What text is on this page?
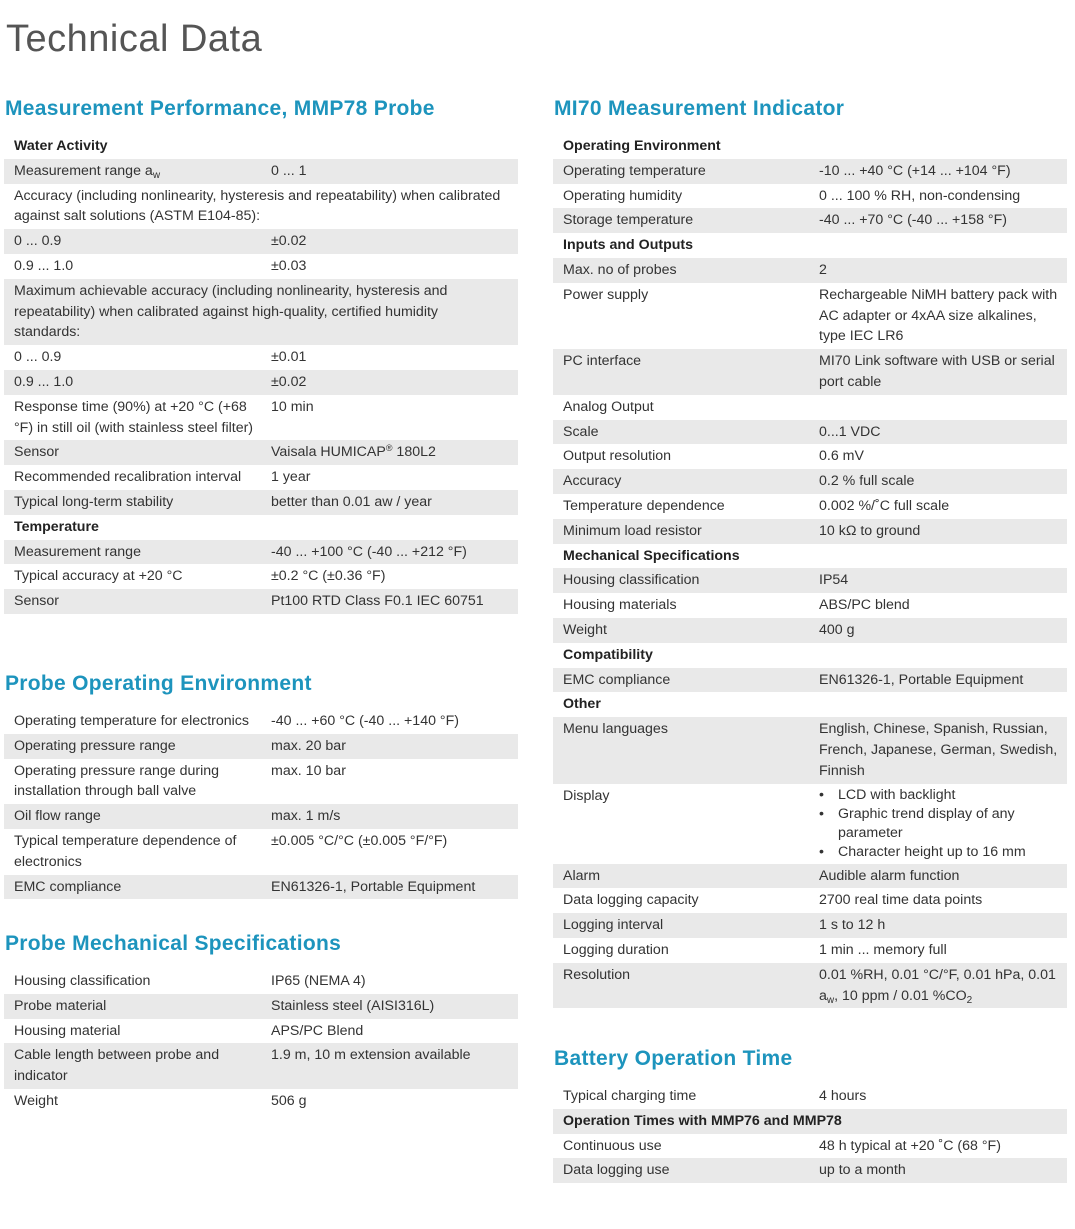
Technical Data
Measurement Performance, MMP78 Probe
Water Activity
Measurement range $a_w$	0 ... 1
Accuracy (including nonlinearity, hysteresis and repeatability) when calibrated against salt solutions (ASTM E104-85):
0 ... 0.9	±0.02
0.9 ... 1.0	±0.03
Maximum achievable accuracy (including nonlinearity, hysteresis and repeatability) when calibrated against high-quality, certified humidity standards:
0 ... 0.9	±0.01
0.9 ... 1.0	±0.02
Response time (90%) at +20 °C (+68 °F) in still oil (with stainless steel filter)
10 min
Sensor	Vaisala HUMICAP® 180L2
Recommended recalibration interval	1 year
Typical long-term stability	better than 0.01 aw / year
Temperature
Measurement range	-40 ... +100 °C (-40 ... +212 °F)
Typical accuracy at +20 °C	±0.2 °C (±0.36 °F)
Sensor	Pt100 RTD Class F0.1 IEC 60751
Probe Operating Environment
Operating temperature for electronics	-40 ... +60 °C (-40 ... +140 °F)
Operating pressure range	max. 20 bar
Operating pressure range during installation through ball valve
max. 10 bar
Oil flow range	max. 1 m/s
Typical temperature dependence of electronics
±0.005 °C/°C (±0.005 °F/°F)
EMC compliance	EN61326-1, Portable Equipment
Probe Mechanical Specifications
Housing classification	IP65 (NEMA 4)
Probe material	Stainless steel (AISI316L)
Housing material	APS/PC Blend
Cable length between probe and indicator
1.9 m, 10 m extension available
Weight	506 g
MI70 Measurement Indicator
Operating Environment
Operating temperature	-10 ... +40 °C (+14 ... +104 °F)
Operating humidity	0 ... 100 % RH, non-condensing
Storage temperature	-40 ... +70 °C (-40 ... +158 °F)
Inputs and Outputs
Max. no of probes	2
Power supply	Rechargeable NiMH battery pack with AC adapter or 4xAA size alkalines, type IEC LR6
PC interface	MI70 Link software with USB or serial port cable
Analog Output
Scale	0...1 VDC
Output resolution	0.6 mV
Accuracy	0.2 % full scale
Temperature dependence	0.002 %/˚C full scale
Minimum load resistor	10 kΩ to ground
Mechanical Specifications
Housing classification	IP54
Housing materials	ABS/PC blend
Weight	400 g
Compatibility
EMC compliance	EN61326-1, Portable Equipment
Other
Menu languages	English, Chinese, Spanish, Russian, French, Japanese, German, Swedish, Finnish
Display
•	LCD with backlight
• Graphic trend display of any parameter
• Character height up to 16 mm
Alarm	Audible alarm function
Data logging capacity	2700 real time data points
Logging interval	1 s to 12 h
Logging duration	1 min ... memory full
Resolution	0.01 %RH, 0.01 °C/°F, 0.01 hPa, 0.01 $a_w$, 10 ppm / 0.01 $\%CO_2$
Battery Operation Time
Typical charging time	4 hours
Operation Times with MMP76 and MMP78
Continuous use	48 h typical at +20 ˚C (68 °F)
Data logging use	up to a month
